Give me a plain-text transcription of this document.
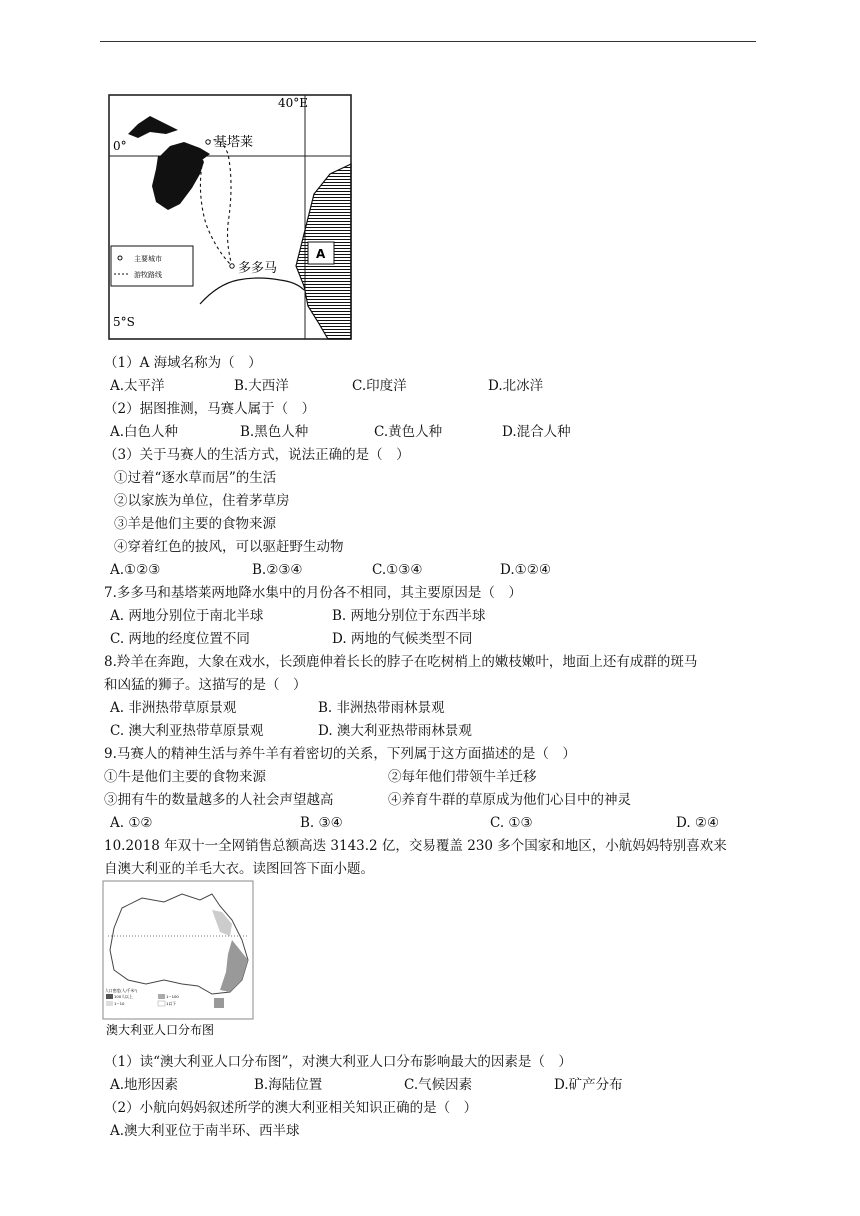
40°E
0°
5°S
基塔莱
多多马
A
主要城市
游牧路线
（1）A 海域名称为（　）
A.太平洋	B.大西洋	C.印度洋	D.北冰洋
（2）据图推测，马赛人属于（　）
A.白色人种	B.黑色人种	C.黄色人种	D.混合人种
（3）关于马赛人的生活方式，说法正确的是（　）
①过着“逐水草而居”的生活
②以家族为单位，住着茅草房
③羊是他们主要的食物来源
④穿着红色的披风，可以驱赶野生动物
A.①②③	B.②③④	C.①③④	D.①②④
7.多多马和基塔莱两地降水集中的月份各不相同，其主要原因是（　）
A. 两地分别位于南北半球	B. 两地分别位于东西半球
C. 两地的经度位置不同	D. 两地的气候类型不同
8.羚羊在奔跑，大象在戏水，长颈鹿伸着长长的脖子在吃树梢上的嫩枝嫩叶，地面上还有成群的斑马
和凶猛的狮子。这描写的是（　）
A. 非洲热带草原景观	B. 非洲热带雨林景观
C. 澳大利亚热带草原景观	D. 澳大利亚热带雨林景观
9.马赛人的精神生活与养牛羊有着密切的关系，下列属于这方面描述的是（　）
①牛是他们主要的食物来源	②每年他们带领牛羊迁移
③拥有牛的数量越多的人社会声望越高	④养育牛群的草原成为他们心目中的神灵
A. ①②	B. ③④	C. ①③	D. ②④
10.2018 年双十一全网销售总额高迭 3143.2 亿，交易覆盖 230 多个国家和地区，小航妈妈特别喜欢来
自澳大利亚的羊毛大衣。读图回答下面小题。
人口密度(人/千米²)
100人以上	1~100
1~10	1以下
澳大利亚人口分布图
（1）读“澳大利亚人口分布图”，对澳大利亚人口分布影响最大的因素是（　）
A.地形因素	B.海陆位置	C.气候因素	D.矿产分布
（2）小航向妈妈叙述所学的澳大利亚相关知识正确的是（　）
A.澳大利亚位于南半环、西半球
